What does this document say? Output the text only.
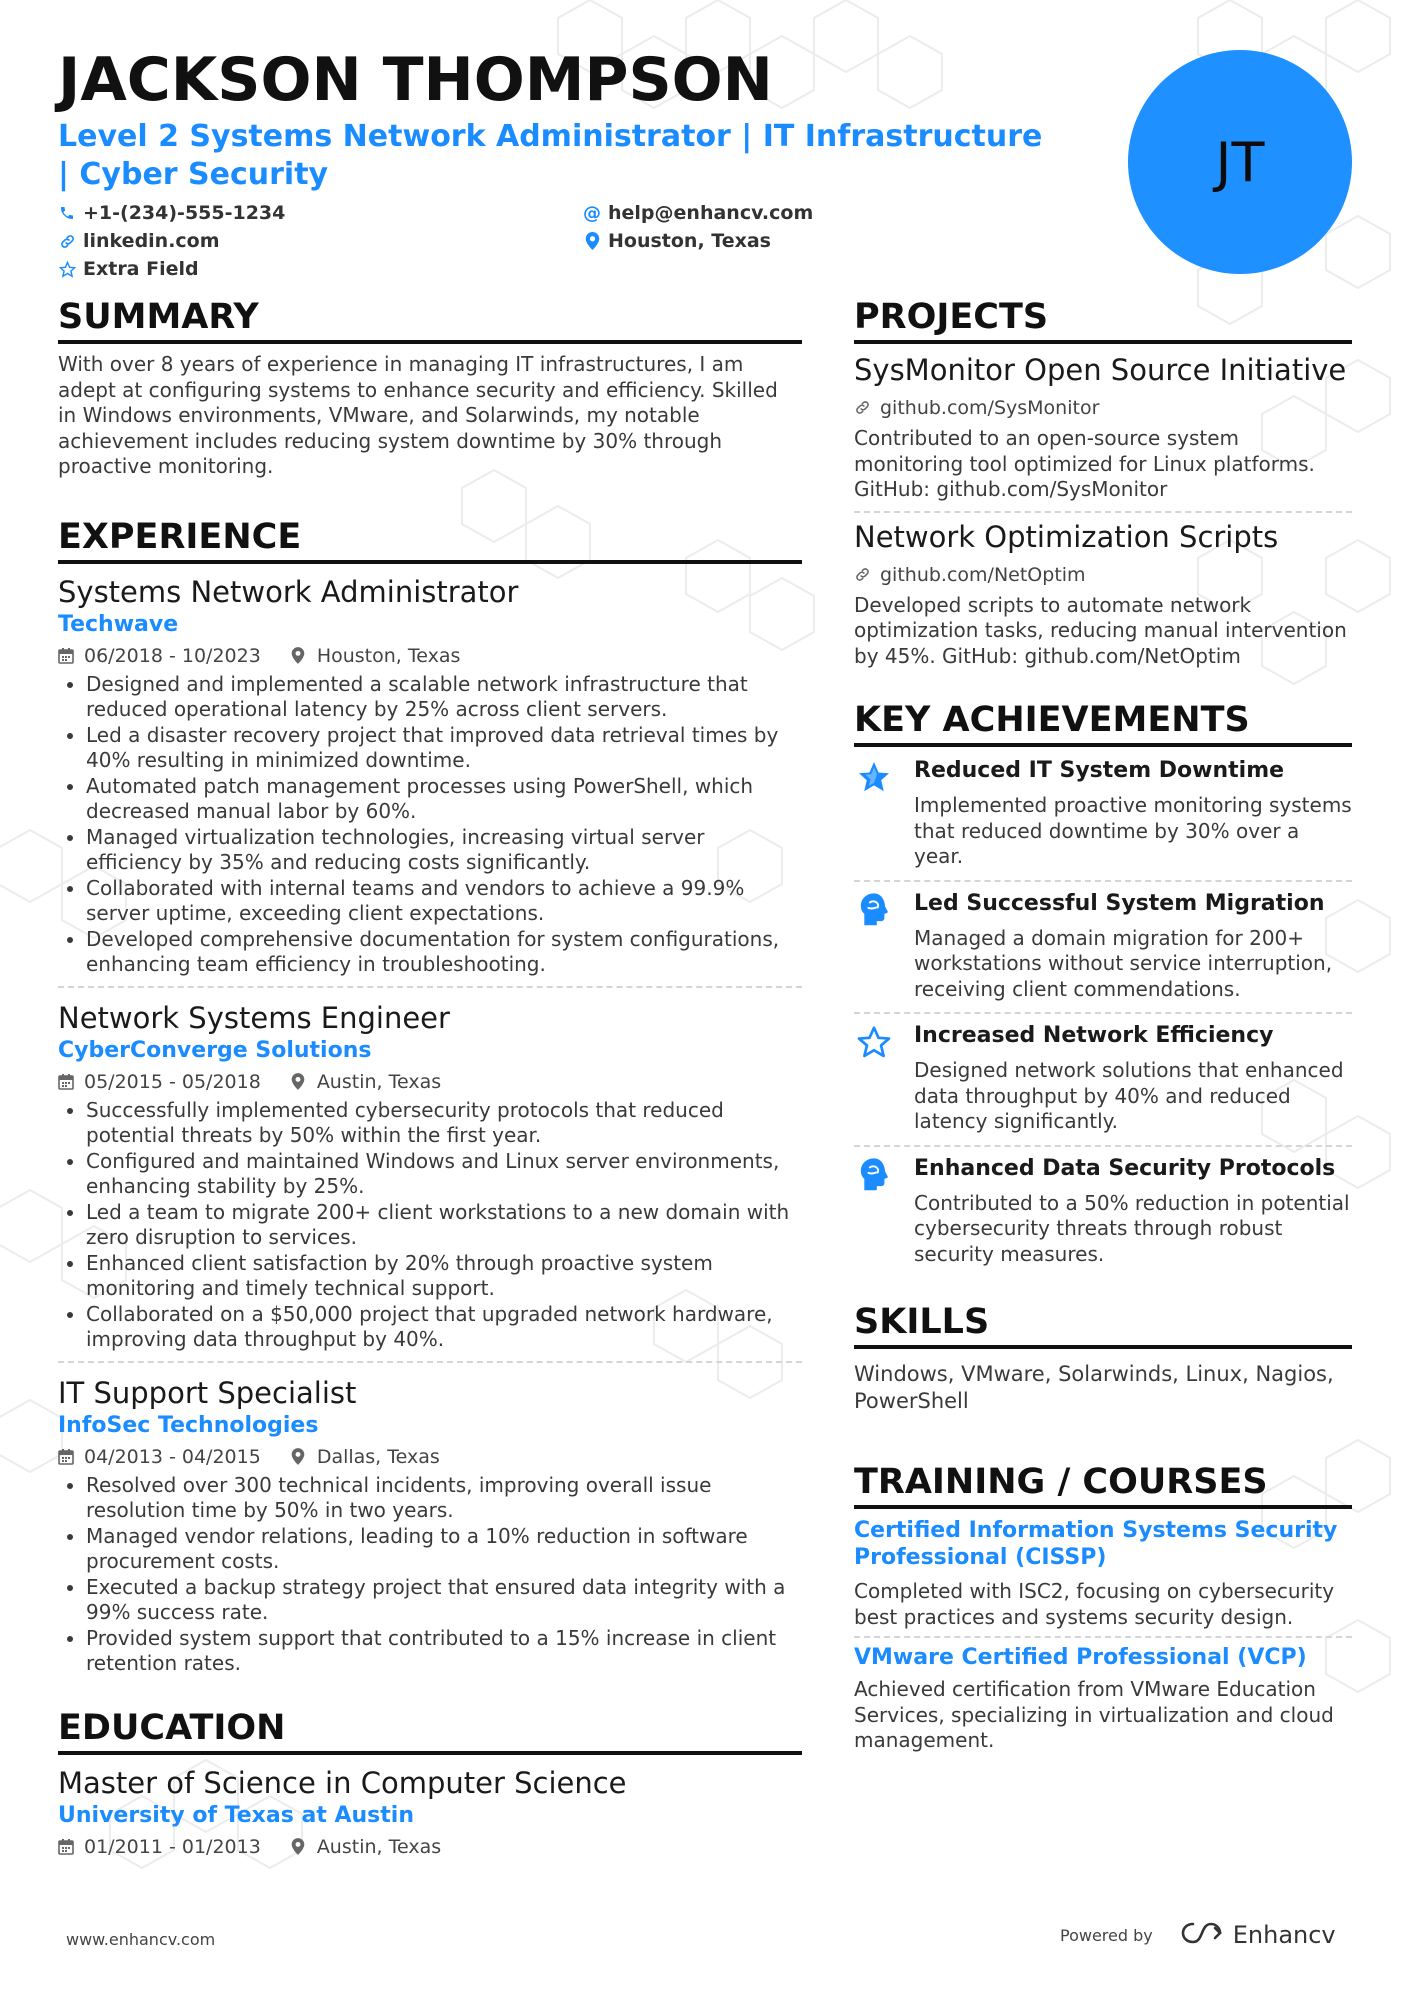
JACKSON THOMPSON
Level 2 Systems Network Administrator | IT Infrastructure | Cyber Security
+1-(234)-555-1234	@ help@enhancv.com
linkedin.com	Houston, Texas
Extra Field
JT
SUMMARY
With over 8 years of experience in managing IT infrastructures, I am adept at configuring systems to enhance security and efficiency. Skilled in Windows environments, VMware, and Solarwinds, my notable achievement includes reducing system downtime by 30% through proactive monitoring.
EXPERIENCE
Systems Network Administrator
Techwave
06/2018 - 10/2023	Houston, Texas
• Designed and implemented a scalable network infrastructure that reduced operational latency by 25% across client servers.
• Led a disaster recovery project that improved data retrieval times by 40% resulting in minimized downtime.
• Automated patch management processes using PowerShell, which decreased manual labor by 60%.
• Managed virtualization technologies, increasing virtual server efficiency by 35% and reducing costs significantly.
• Collaborated with internal teams and vendors to achieve a 99.9% server uptime, exceeding client expectations.
• Developed comprehensive documentation for system configurations, enhancing team efficiency in troubleshooting.
Network Systems Engineer
CyberConverge Solutions
05/2015 - 05/2018	Austin, Texas
• Successfully implemented cybersecurity protocols that reduced potential threats by 50% within the first year.
• Configured and maintained Windows and Linux server environments, enhancing stability by 25%.
• Led a team to migrate 200+ client workstations to a new domain with zero disruption to services.
• Enhanced client satisfaction by 20% through proactive system monitoring and timely technical support.
• Collaborated on a $50,000 project that upgraded network hardware, improving data throughput by 40%.
IT Support Specialist
InfoSec Technologies
04/2013 - 04/2015	Dallas, Texas
• Resolved over 300 technical incidents, improving overall issue resolution time by 50% in two years.
• Managed vendor relations, leading to a 10% reduction in software procurement costs.
• Executed a backup strategy project that ensured data integrity with a 99% success rate.
• Provided system support that contributed to a 15% increase in client retention rates.
EDUCATION
Master of Science in Computer Science
University of Texas at Austin
01/2011 - 01/2013	Austin, Texas
PROJECTS
SysMonitor Open Source Initiative
github.com/SysMonitor
Contributed to an open-source system monitoring tool optimized for Linux platforms. GitHub: github.com/SysMonitor
Network Optimization Scripts
github.com/NetOptim
Developed scripts to automate network optimization tasks, reducing manual intervention by 45%. GitHub: github.com/NetOptim
KEY ACHIEVEMENTS
Reduced IT System Downtime
Implemented proactive monitoring systems that reduced downtime by 30% over a year.
Led Successful System Migration
Managed a domain migration for 200+ workstations without service interruption, receiving client commendations.
Increased Network Efficiency
Designed network solutions that enhanced data throughput by 40% and reduced latency significantly.
Enhanced Data Security Protocols
Contributed to a 50% reduction in potential cybersecurity threats through robust security measures.
SKILLS
Windows, VMware, Solarwinds, Linux, Nagios, PowerShell
TRAINING / COURSES
Certified Information Systems Security Professional (CISSP)
Completed with ISC2, focusing on cybersecurity best practices and systems security design.
VMware Certified Professional (VCP)
Achieved certification from VMware Education Services, specializing in virtualization and cloud management.
www.enhancv.com	Powered by	Enhancv
